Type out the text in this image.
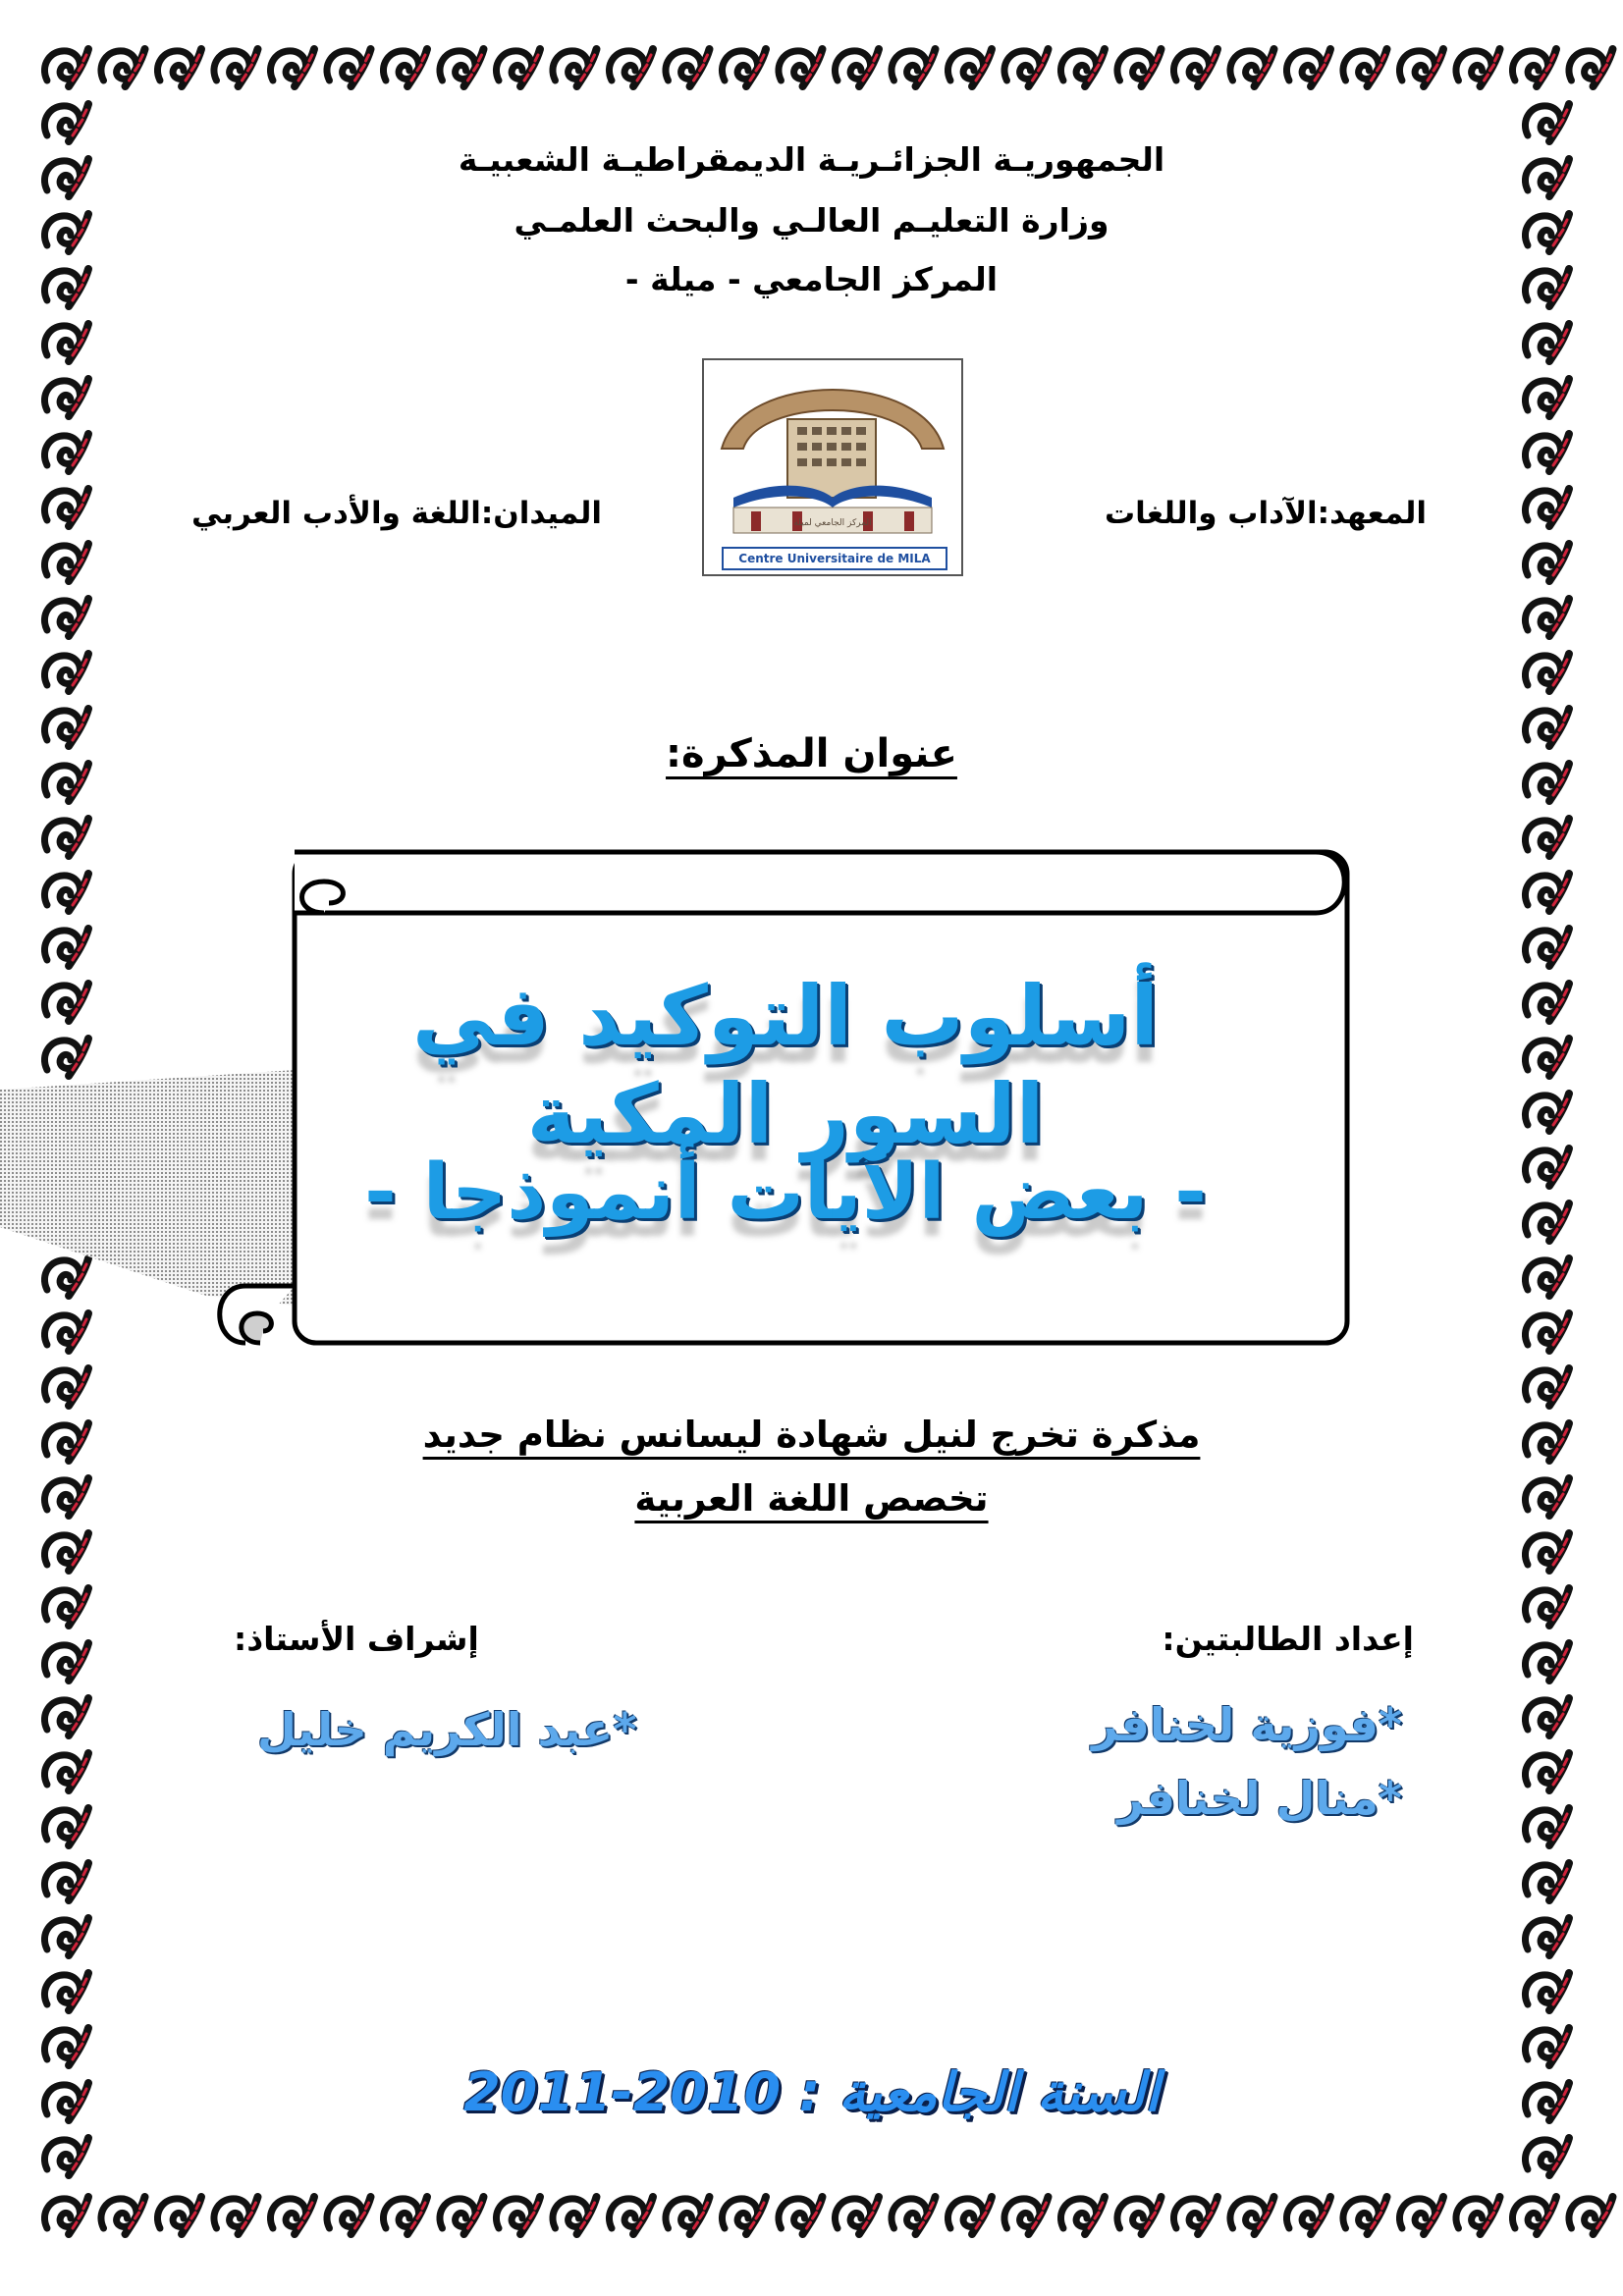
الجمهوريـة الجزائـريـة الديمقراطيـة الشعبيـة
وزارة التعليـم العالـي والبحث العلمـي
المركز الجامعي - ميلة -
المعهد:الآداب واللغات
الميدان:اللغة والأدب العربي	المركز الجامعي لميلة
Centre Universitaire de MILA
عنوان المذكرة:
أسلوب التوكيد في السور المكية
- بعض الآيات أنموذجا -
مذكرة تخرج لنيل شهادة ليسانس نظام جديد
تخصص اللغة العربية
إعداد الطالبتين:
*فوزية لخنافر
*منال لخنافر
إشراف الأستاذ:
*عبد الكريم خليل
السنة الجامعية : 2010-2011
